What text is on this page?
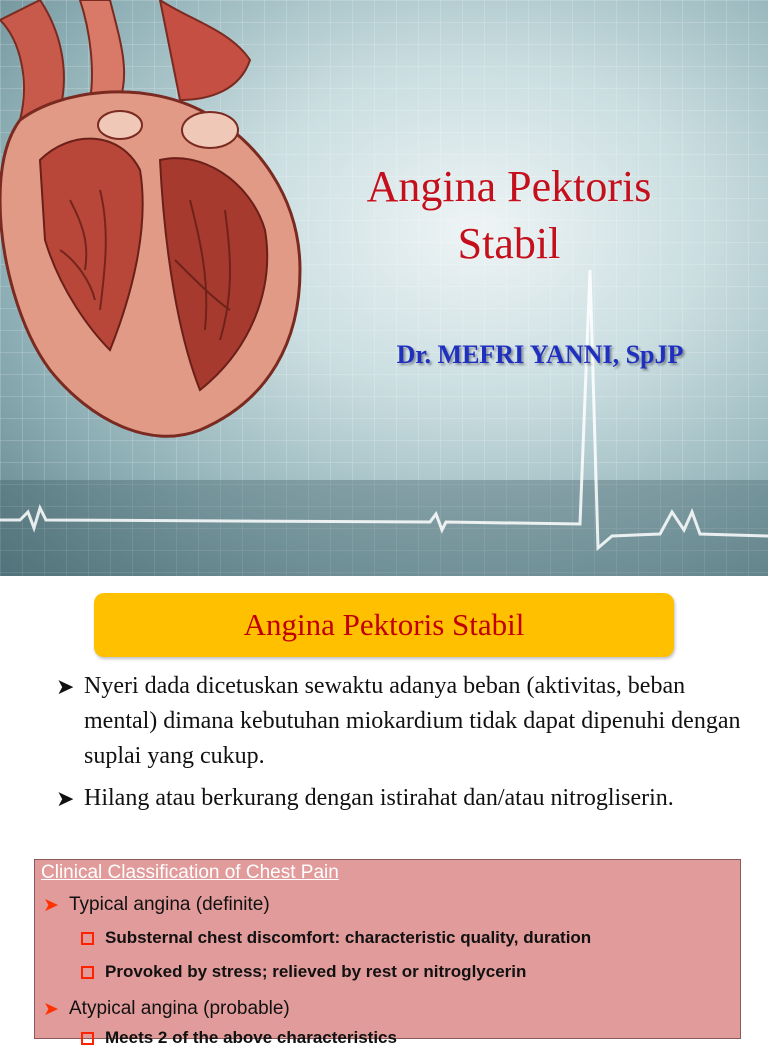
Angina Pektoris
Stabil
Dr. MEFRI YANNI, SpJP
Angina Pektoris Stabil
➤ Nyeri dada dicetuskan sewaktu adanya beban (aktivitas, beban mental) dimana kebutuhan miokardium tidak dapat dipenuhi dengan suplai yang cukup.
➤ Hilang atau berkurang dengan istirahat dan/atau nitrogliserin.
Clinical Classification of Chest Pain
➤ Typical angina (definite)
Substernal chest discomfort: characteristic quality, duration
Provoked by stress; relieved by rest or nitroglycerin
➤ Atypical angina (probable)
Meets 2 of the above characteristics
